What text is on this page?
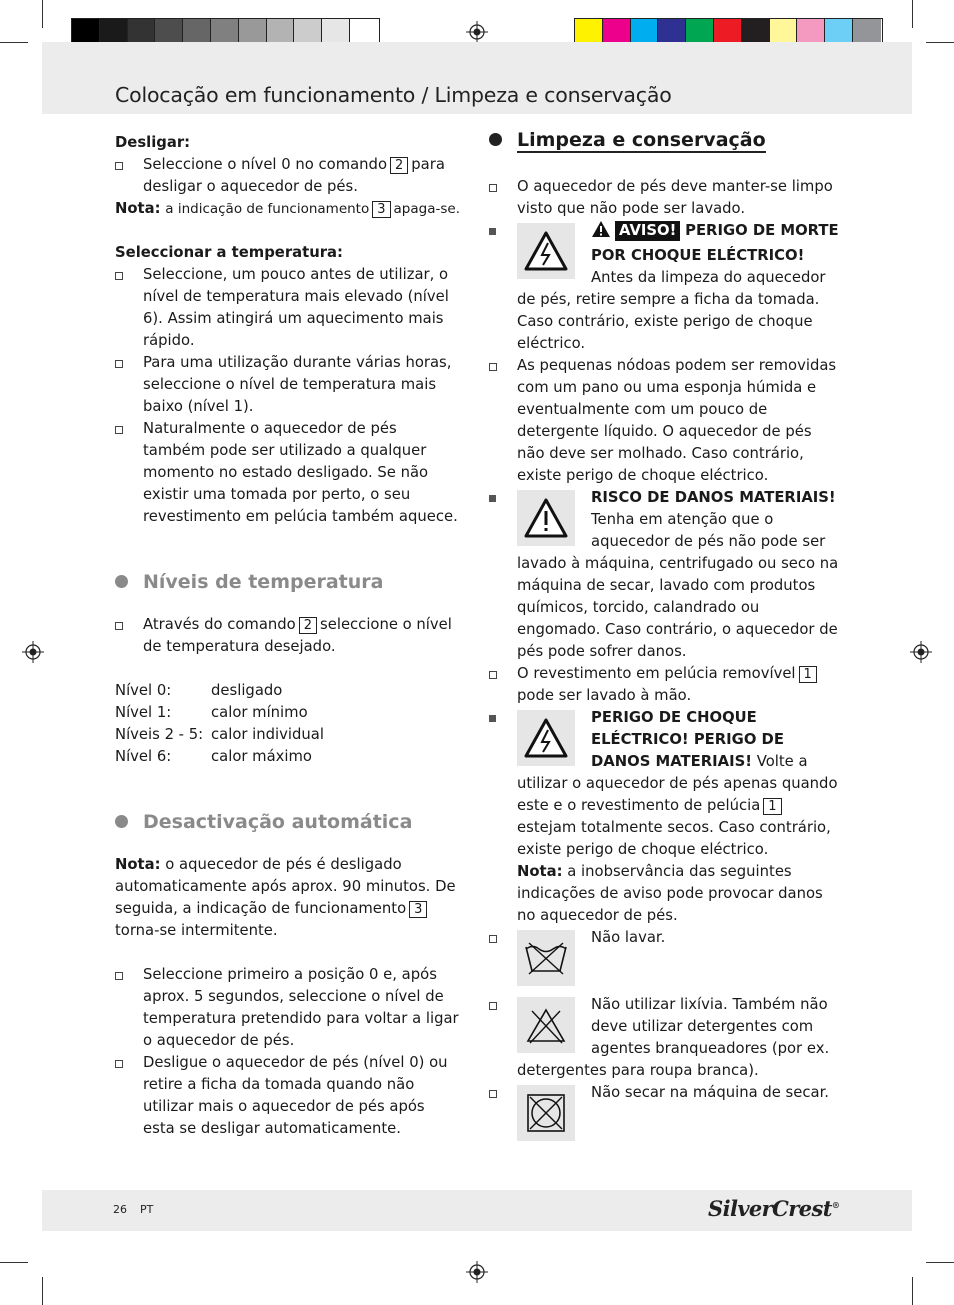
Colocação em funcionamento / Limpeza e conservação

Desligar:

Seleccione o nível 0 no comando 2 para desligar o aquecedor de pés.

Nota: a indicação de funcionamento 3 apaga-se.

Seleccionar a temperatura:

Seleccione, um pouco antes de utilizar, o nível de temperatura mais elevado (nível 6). Assim atingirá um aquecimento mais rápido.
Para uma utilização durante várias horas, seleccione o nível de temperatura mais baixo (nível 1).
Naturalmente o aquecedor de pés também pode ser utilizado a qualquer momento no estado desligado. Se não existir uma tomada por perto, o seu revestimento em pelúcia também aquece.
Níveis de temperatura
Através do comando 2 seleccione o nível de temperatura desejado.
Nível 0:	desligado
Nível 1:	calor mínimo
Níveis 2 - 5: calor individual
Nível 6:	calor máximo
Desactivação automática

Nota: o aquecedor de pés é desligado automaticamente após aprox. 90 minutos. De seguida, a indicação de funcionamento 3torna-se intermitente.

Seleccione primeiro a posição 0 e, após aprox. 5 segundos, seleccione o nível de temperatura pretendido para voltar a ligar o aquecedor de pés.
Desligue o aquecedor de pés (nível 0) ou retire a ficha da tomada quando não utilizar mais o aquecedor de pés após esta se desligar automaticamente.
Limpeza e conservação
O aquecedor de pés deve manter-se limpo visto que não pode ser lavado.
AVISO! PERIGO DE MORTE POR CHOQUE ELÉCTRICO! Antes da limpeza do aquecedor de pés, retire sempre a ficha da tomada. Caso contrário, existe perigo de choque eléctrico.
As pequenas nódoas podem ser removidas com um pano ou uma esponja húmida e eventualmente com um pouco de detergente líquido. O aquecedor de pés não deve ser molhado. Caso contrário, existe perigo de choque eléctrico.
RISCO DE DANOS MATERIAIS! Tenha em atenção que o aquecedor de pés não pode ser lavado à máquina, centrifugado ou seco na máquina de secar, lavado com produtos químicos, torcido, calandrado ou engomado. Caso contrário, o aquecedor de pés pode sofrer danos.
O revestimento em pelúcia removível 1pode ser lavado à mão.
PERIGO DE CHOQUE ELÉCTRICO! PERIGO DE DANOS MATERIAIS! Volte a utilizar o aquecedor de pés apenas quando este e o revestimento de pelúcia 1estejam totalmente secos. Caso contrário, existe perigo de choque eléctrico.

Nota: a inobservância das seguintes indicações de aviso pode provocar danos no aquecedor de pés.

Não lavar.
Não utilizar lixívia. Também não deve utilizar detergentes com agentes branqueadores (por ex. detergentes para roupa branca).
Não secar na máquina de secar.
26 PT	SilverCrest®
